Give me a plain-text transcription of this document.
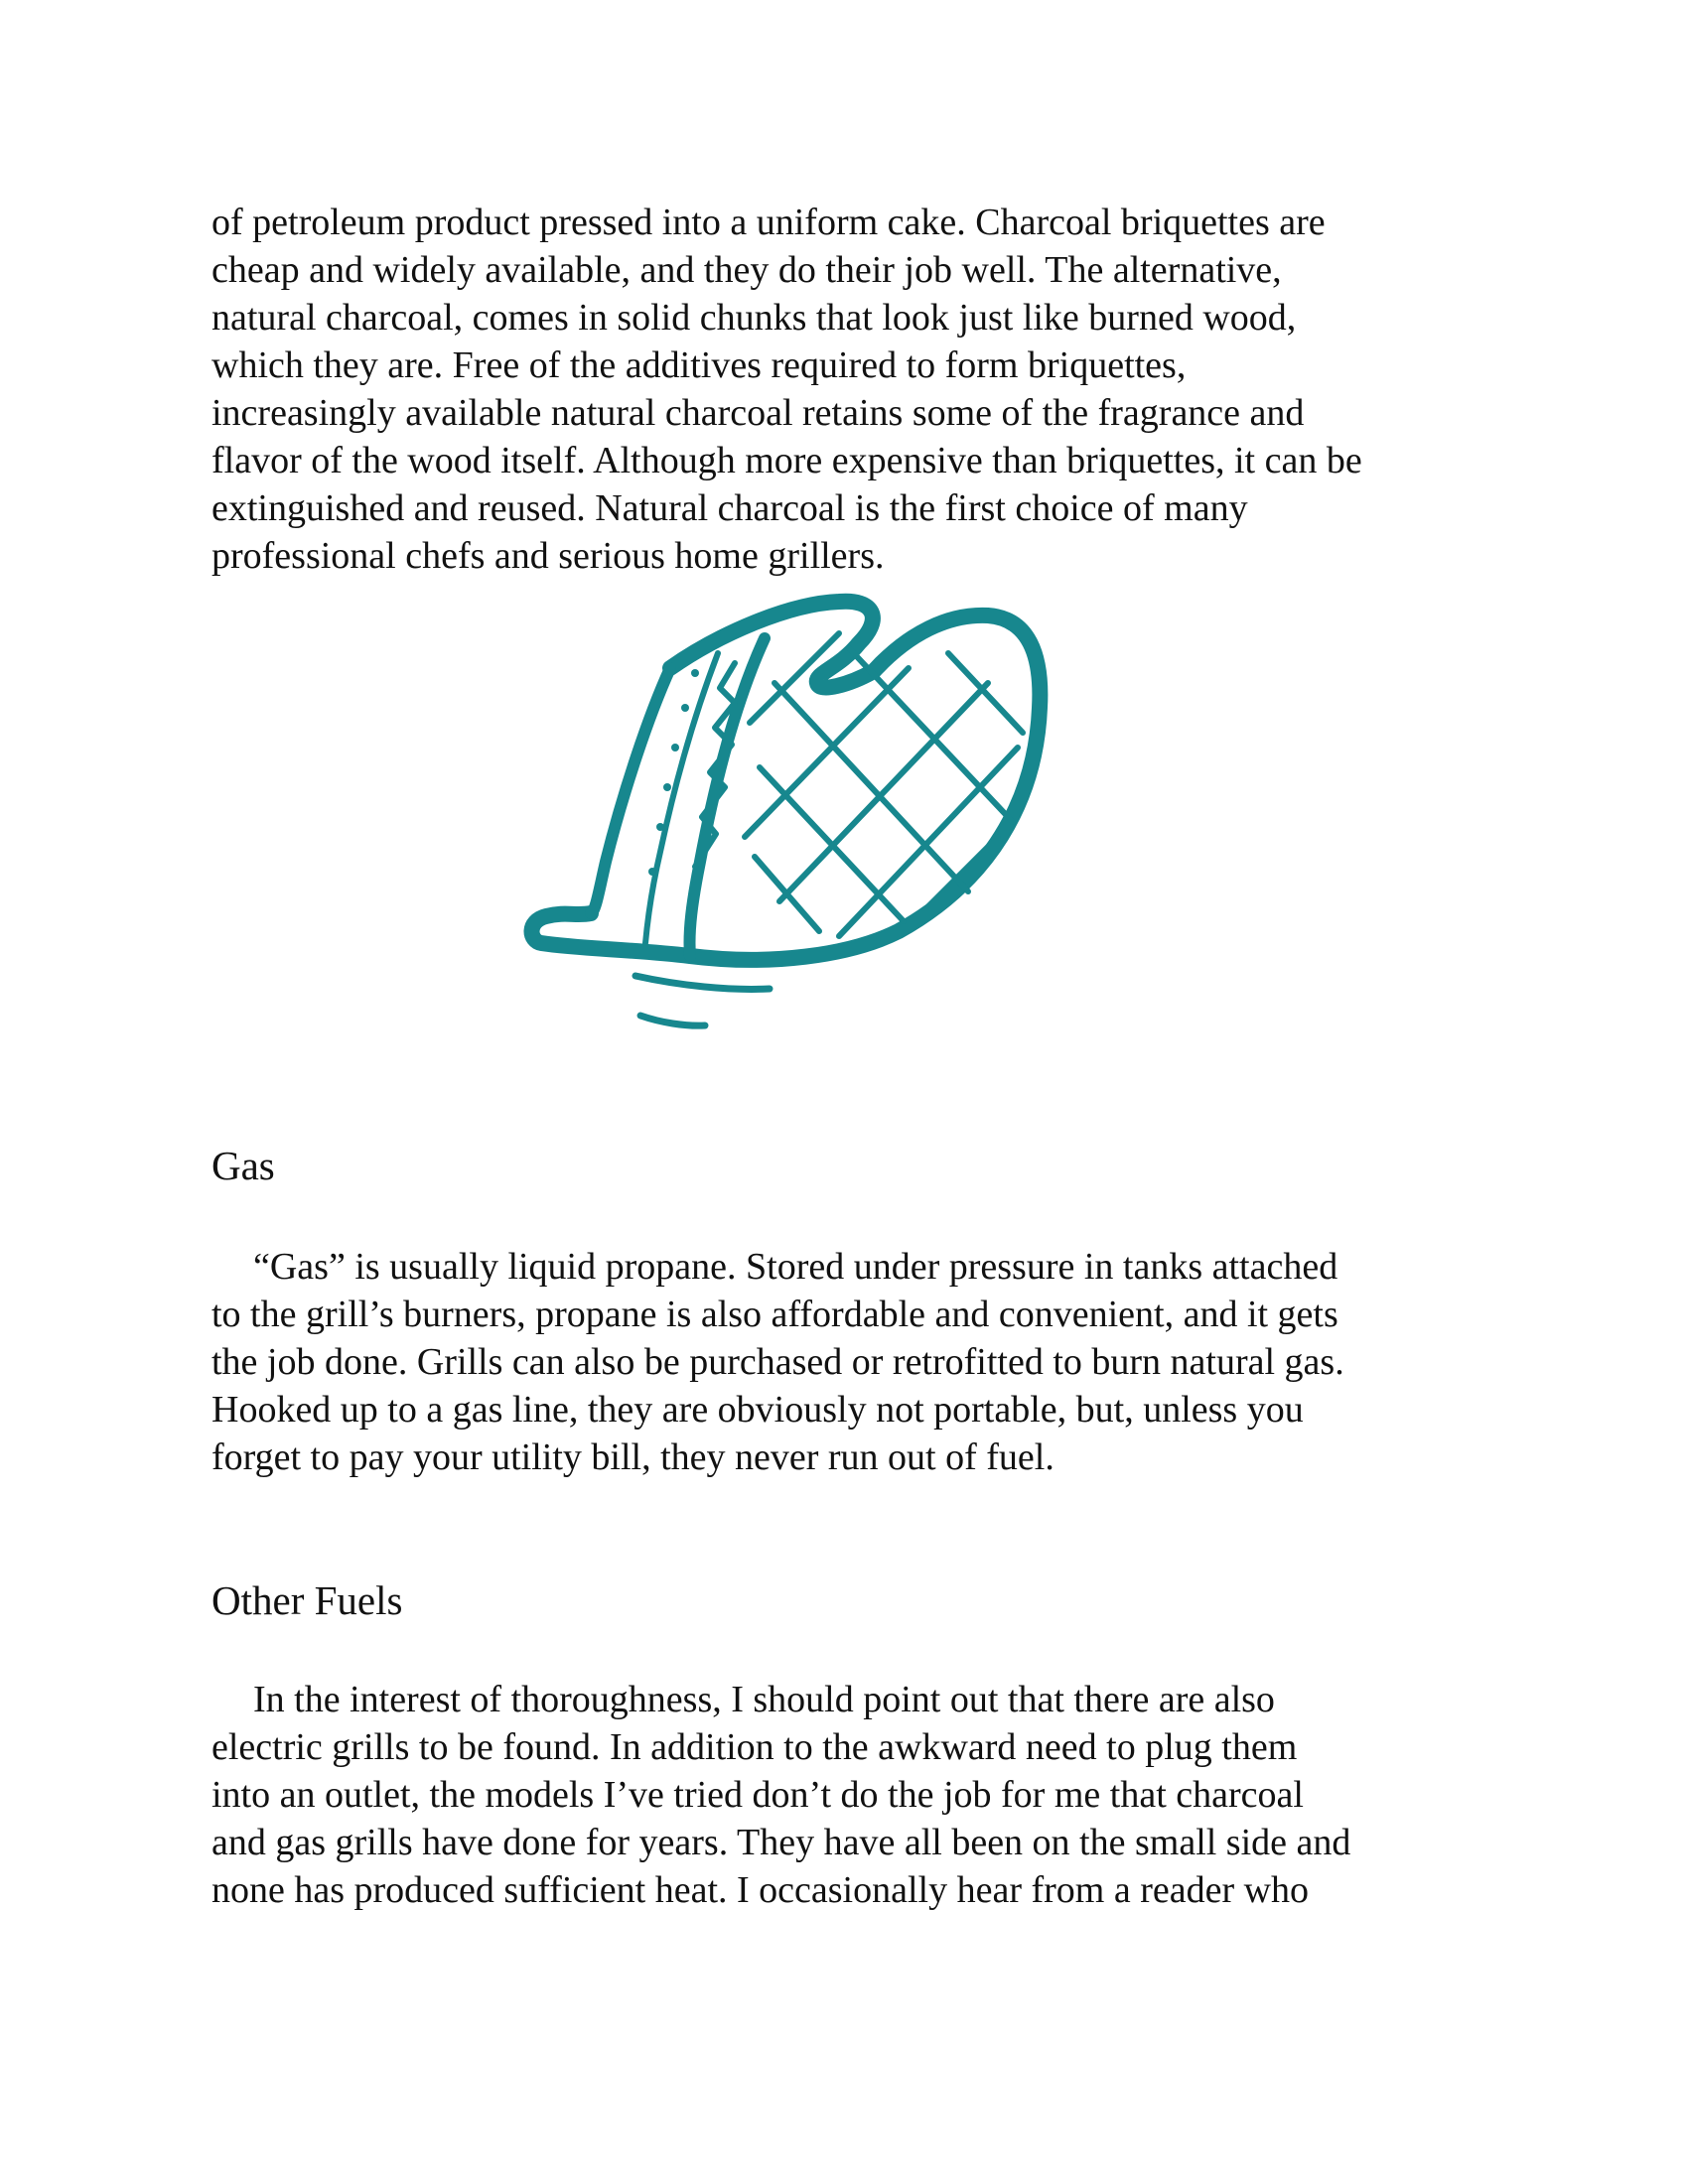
of petroleum product pressed into a uniform cake. Charcoal briquettes are
cheap and widely available, and they do their job well. The alternative,
natural charcoal, comes in solid chunks that look just like burned wood,
which they are. Free of the additives required to form briquettes,
increasingly available natural charcoal retains some of the fragrance and
flavor of the wood itself. Although more expensive than briquettes, it can be
extinguished and reused. Natural charcoal is the first choice of many
professional chefs and serious home grillers.

Gas

“Gas” is usually liquid propane. Stored under pressure in tanks attached
to the grill’s burners, propane is also affordable and convenient, and it gets
the job done. Grills can also be purchased or retrofitted to burn natural gas.
Hooked up to a gas line, they are obviously not portable, but, unless you
forget to pay your utility bill, they never run out of fuel.

Other Fuels

In the interest of thoroughness, I should point out that there are also
electric grills to be found. In addition to the awkward need to plug them
into an outlet, the models I’ve tried don’t do the job for me that charcoal
and gas grills have done for years. They have all been on the small side and
none has produced sufficient heat. I occasionally hear from a reader who
